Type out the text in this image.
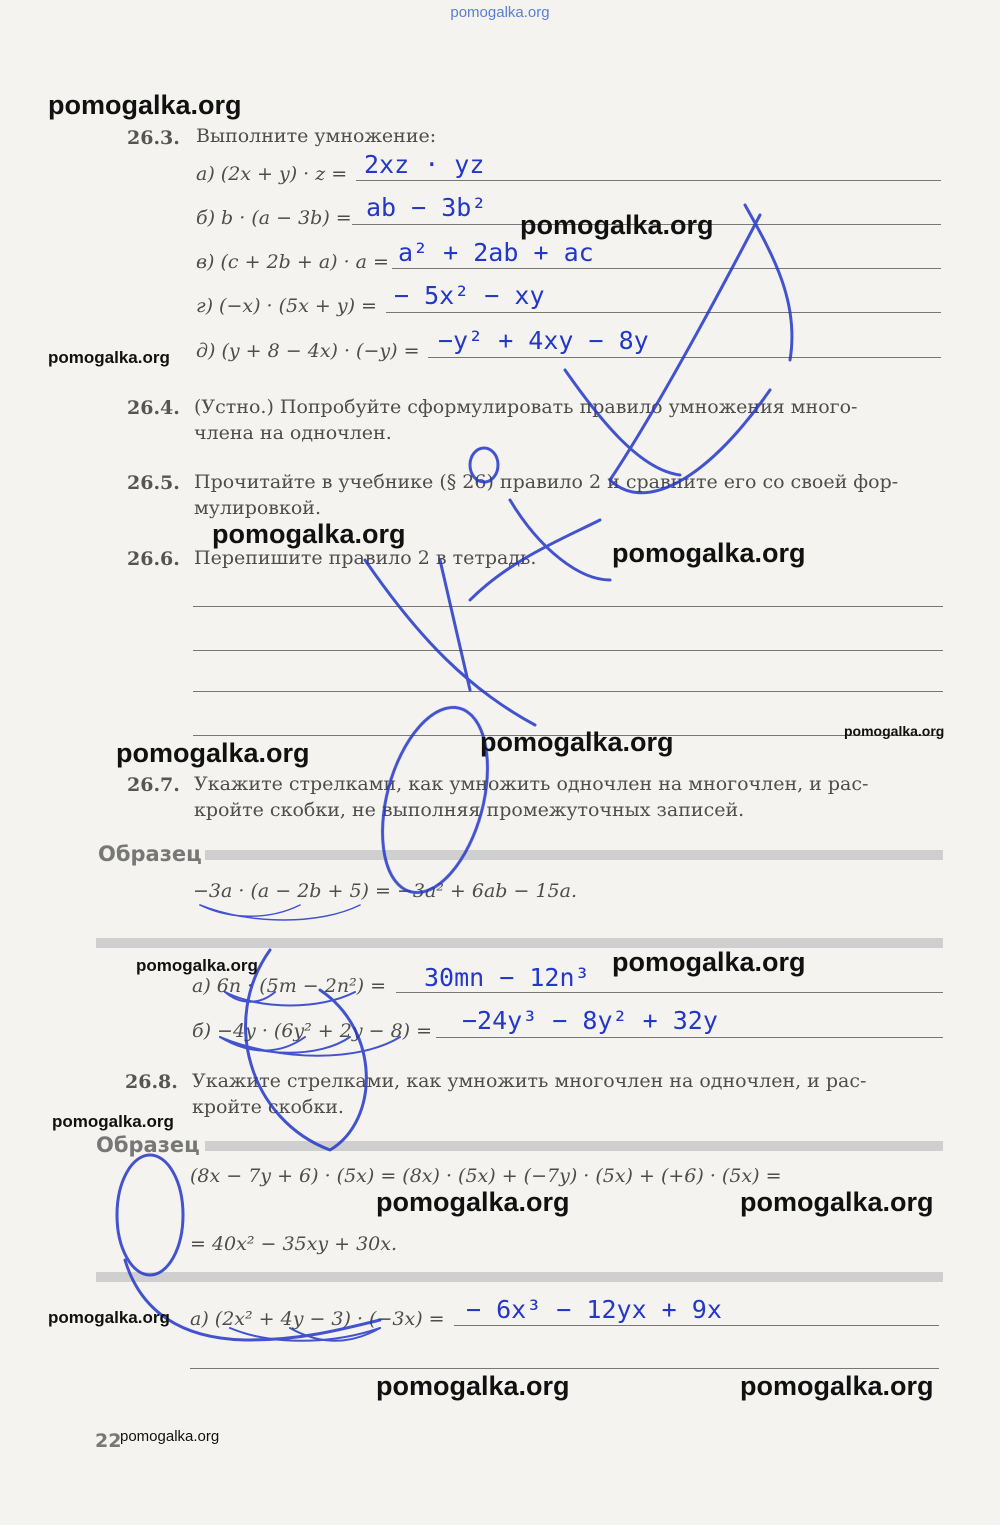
pomogalka.org
26.3. Выполните умножение:
а) (2x + y) · z = 2xz · yz
б) b · (a − 3b) = ab − 3b²
в) (c + 2b + a) · a = a² + 2ab + ac
г) (−x) · (5x + y) = − 5x² − xy
д) (y + 8 − 4x) · (−y) = −y² + 4xy − 8y
26.4. (Устно.) Попробуйте сформулировать правило умножения много-
члена на одночлен.
26.5. Прочитайте в учебнике (§ 26) правило 2 и сравните его со своей фор-
мулировкой.
26.6. Перепишите правило 2 в тетрадь.
26.7. Укажите стрелками, как умножить одночлен на многочлен, и рас-
кройте скобки, не выполняя промежуточных записей.
Образец
−3a · (a − 2b + 5) = −3a² + 6ab − 15a.
а) 6n · (5m − 2n²) = 30mn − 12n³
б) −4y · (6y² + 2y − 8) = −24y³ − 8y² + 32y
26.8. Укажите стрелками, как умножить многочлен на одночлен, и рас-
кройте скобки.
Образец
(8x − 7y + 6) · (5x) = (8x) · (5x) + (−7y) · (5x) + (+6) · (5x) =
= 40x² − 35xy + 30x.
а) (2x² + 4y − 3) · (−3x) = − 6x³ − 12yx + 9x
22
pomogalka.org
pomogalka.org
pomogalka.org
pomogalka.org
pomogalka.org
pomogalka.org	pomogalka.org
pomogalka.org
pomogalka.org	pomogalka.org
pomogalka.org
pomogalka.org	pomogalka.org
pomogalka.org
pomogalka.org	pomogalka.org
pomogalka.org
